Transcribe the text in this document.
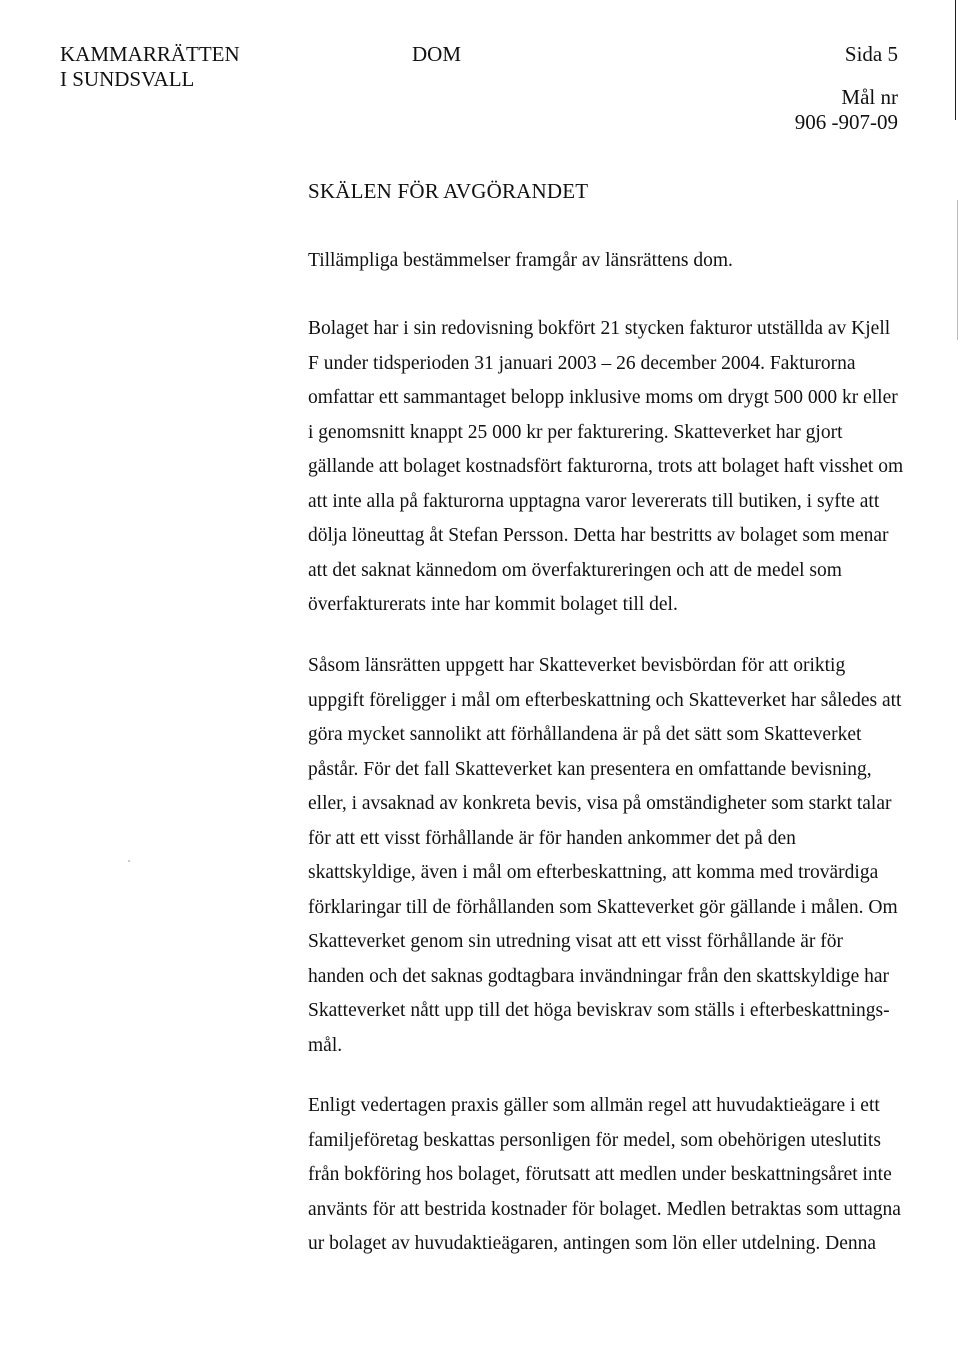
KAMMARRÄTTEN
I SUNDSVALL
DOM	Sida 5
Mål nr
906 -907-09
SKÄLEN FÖR AVGÖRANDET

Tillämpliga bestämmelser framgår av länsrättens dom.

Bolaget har i sin redovisning bokfört 21 stycken fakturor utställda av Kjell F under tidsperioden 31 januari 2003 – 26 december 2004. Fakturorna omfattar ett sammantaget belopp inklusive moms om drygt 500 000 kr eller i genomsnitt knappt 25 000 kr per fakturering. Skatteverket har gjort gällande att bolaget kostnadsfört fakturorna, trots att bolaget haft visshet om att inte alla på fakturorna upptagna varor levererats till butiken, i syfte att dölja löneuttag åt Stefan Persson. Detta har bestritts av bolaget som menar att det saknat kännedom om överfaktureringen och att de medel som överfakturerats inte har kommit bolaget till del.

Såsom länsrätten uppgett har Skatteverket bevisbördan för att oriktig uppgift föreligger i mål om efterbeskattning och Skatteverket har således att göra mycket sannolikt att förhållandena är på det sätt som Skatteverket påstår. För det fall Skatteverket kan presentera en omfattande bevisning, eller, i avsaknad av konkreta bevis, visa på omständigheter som starkt talar för att ett visst förhållande är för handen ankommer det på den skattskyldige, även i mål om efterbeskattning, att komma med trovärdiga förklaringar till de förhållanden som Skatteverket gör gällande i målen. Om Skatteverket genom sin utredning visat att ett visst förhållande är för handen och det saknas godtagbara invändningar från den skattskyldige har Skatteverket nått upp till det höga beviskrav som ställs i efterbeskattnings-mål.

Enligt vedertagen praxis gäller som allmän regel att huvudaktieägare i ett familjeföretag beskattas personligen för medel, som obehörigen uteslutits från bokföring hos bolaget, förutsatt att medlen under beskattningsåret inte använts för att bestrida kostnader för bolaget. Medlen betraktas som uttagna ur bolaget av huvudaktieägaren, antingen som lön eller utdelning. Denna
